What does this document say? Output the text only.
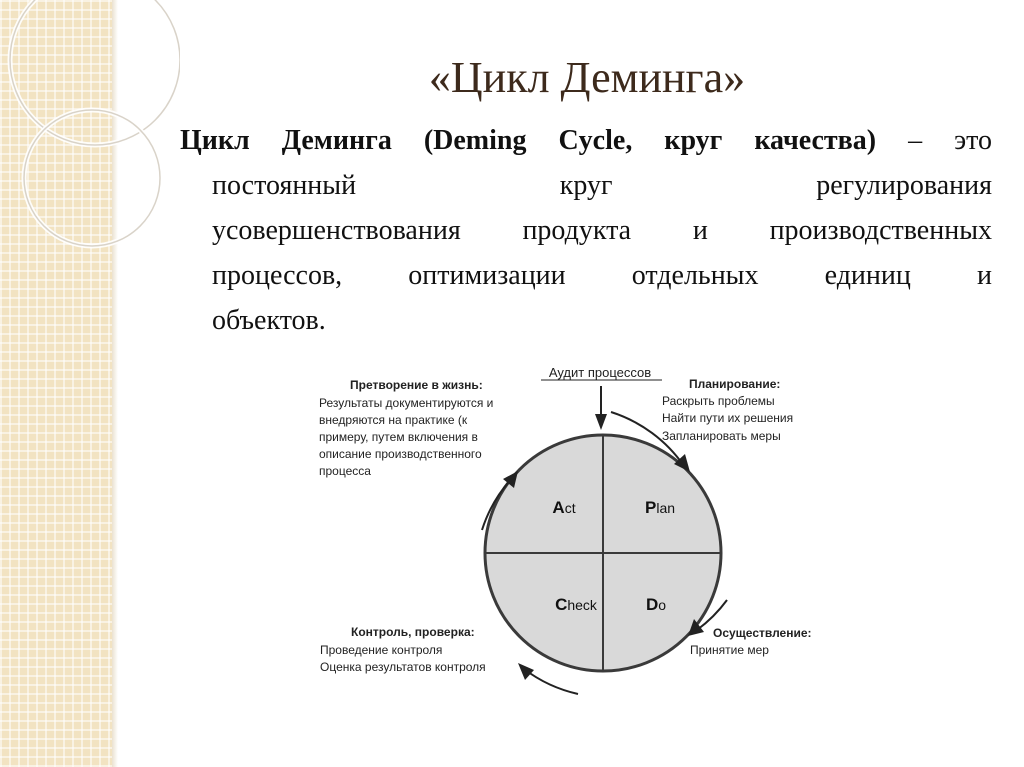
«Цикл Деминга»
Цикл Деминга (Deming Cycle, круг качества) – это
постоянный круг регулирования
усовершенствования продукта и производственных
процессов, оптимизации отдельных единиц и
объектов.
Аудит процессов
Act	Plan
Check	Do
Претворение в жизнь:
Результаты документируются и
внедряются на практике (к
примеру, путем включения в
описание производственного
процесса
Планирование:
Раскрыть проблемы
Найти пути их решения
Запланировать меры
Контроль, проверка:
Проведение контроля
Оценка результатов контроля
Осуществление:
Принятие мер
